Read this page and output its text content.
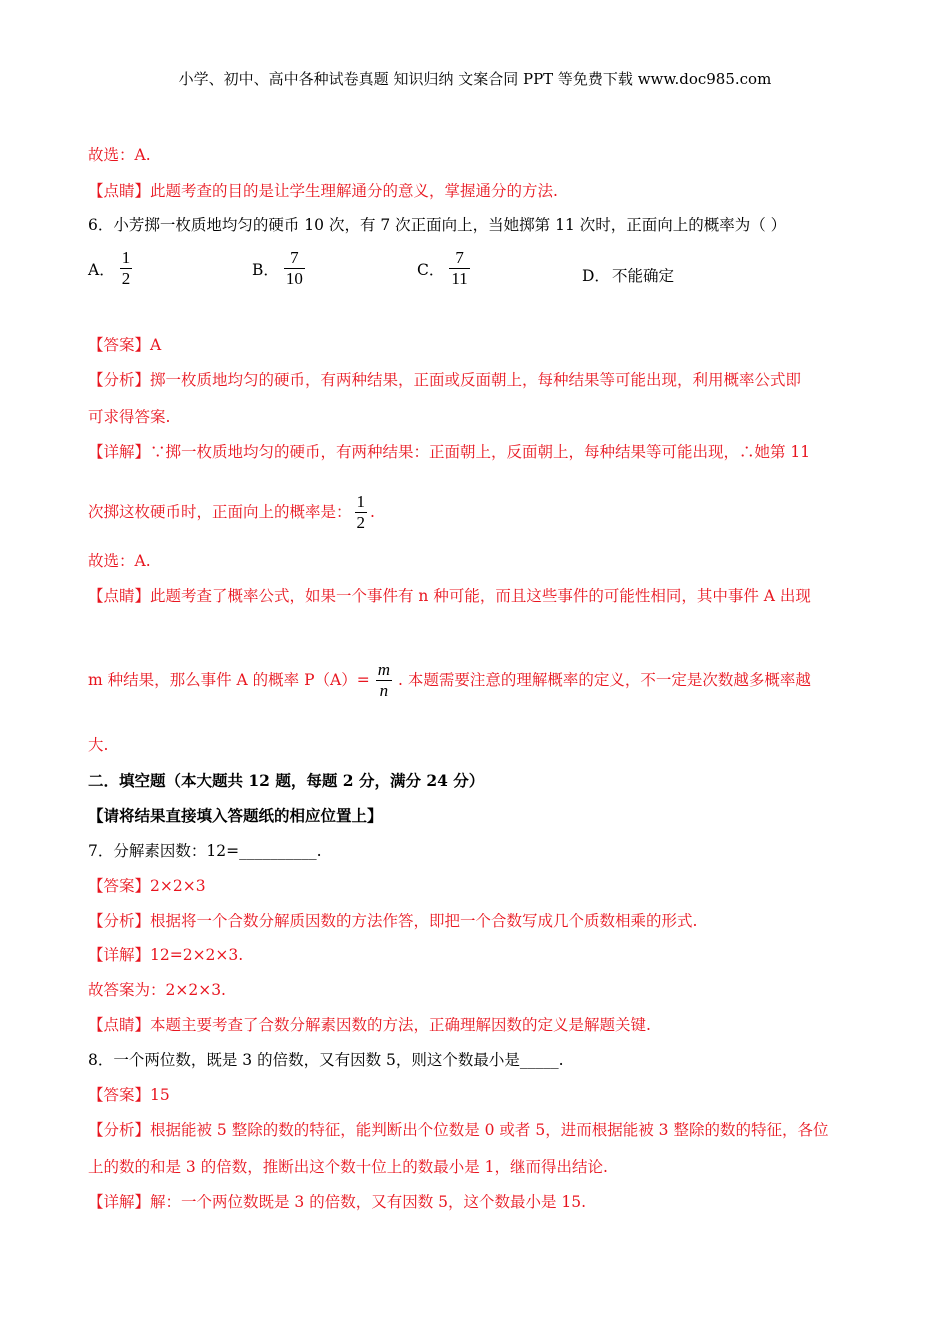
小学、初中、高中各种试卷真题 知识归纳 文案合同 PPT 等免费下载 www.doc985.com
故选：A.
【点睛】此题考查的目的是让学生理解通分的意义，掌握通分的方法.
6．小芳掷一枚质地均匀的硬币 10 次，有 7 次正面向上，当她掷第 11 次时，正面向上的概率为（ ）
A． $\frac{1}{2}$	B． $\frac{7}{10}$	C． $\frac{7}{11}$	D． 不能确定
【答案】A
【分析】掷一枚质地均匀的硬币，有两种结果，正面或反面朝上，每种结果等可能出现，利用概率公式即
可求得答案.
【详解】∵掷一枚质地均匀的硬币，有两种结果：正面朝上，反面朝上，每种结果等可能出现，∴她第 11
次掷这枚硬币时，正面向上的概率是： $\frac{1}{2}$ .
故选：A.
【点睛】此题考查了概率公式，如果一个事件有 n 种可能，而且这些事件的可能性相同，其中事件 A 出现
m 种结果，那么事件 A 的概率 $P(A)= \frac{m}{n}$ . 本题需要注意的理解概率的定义，不一定是次数越多概率越
大.
二．填空题（本大题共 12 题，每题 2 分，满分 24 分）
【请将结果直接填入答题纸的相应位置上】
7．分解素因数：12=__________.
【答案】2×2×3
【分析】根据将一个合数分解质因数的方法作答，即把一个合数写成几个质数相乘的形式.
【详解】12=2×2×3.
故答案为：2×2×3.
【点睛】本题主要考查了合数分解素因数的方法，正确理解因数的定义是解题关键.
8．一个两位数，既是 3 的倍数，又有因数 5，则这个数最小是_____.
【答案】15
【分析】根据能被 5 整除的数的特征，能判断出个位数是 0 或者 5，进而根据能被 3 整除的数的特征，各位
上的数的和是 3 的倍数，推断出这个数十位上的数最小是 1，继而得出结论.
【详解】解：一个两位数既是 3 的倍数，又有因数 5，这个数最小是 15.
